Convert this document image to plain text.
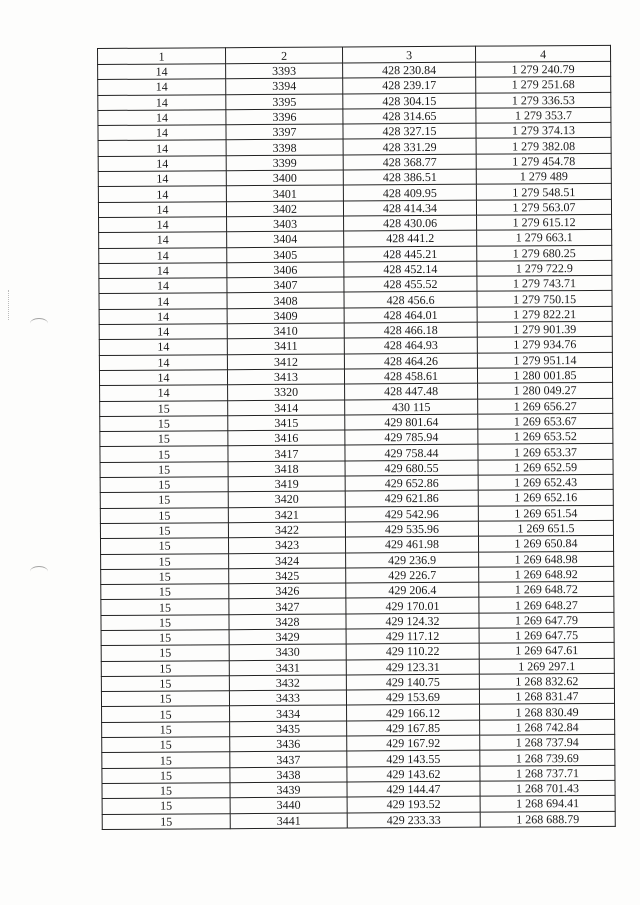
1	2	3	4
14	3393	428 230.84	1 279 240.79
14	3394	428 239.17	1 279 251.68
14	3395	428 304.15	1 279 336.53
14	3396	428 314.65	1 279 353.7
14	3397	428 327.15	1 279 374.13
14	3398	428 331.29	1 279 382.08
14	3399	428 368.77	1 279 454.78
14	3400	428 386.51	1 279 489
14	3401	428 409.95	1 279 548.51
14	3402	428 414.34	1 279 563.07
14	3403	428 430.06	1 279 615.12
14	3404	428 441.2	1 279 663.1
14	3405	428 445.21	1 279 680.25
14	3406	428 452.14	1 279 722.9
14	3407	428 455.52	1 279 743.71
14	3408	428 456.6	1 279 750.15
14	3409	428 464.01	1 279 822.21
14	3410	428 466.18	1 279 901.39
14	3411	428 464.93	1 279 934.76
14	3412	428 464.26	1 279 951.14
14	3413	428 458.61	1 280 001.85
14	3320	428 447.48	1 280 049.27
15	3414	430 115	1 269 656.27
15	3415	429 801.64	1 269 653.67
15	3416	429 785.94	1 269 653.52
15	3417	429 758.44	1 269 653.37
15	3418	429 680.55	1 269 652.59
15	3419	429 652.86	1 269 652.43
15	3420	429 621.86	1 269 652.16
15	3421	429 542.96	1 269 651.54
15	3422	429 535.96	1 269 651.5
15	3423	429 461.98	1 269 650.84
15	3424	429 236.9	1 269 648.98
15	3425	429 226.7	1 269 648.92
15	3426	429 206.4	1 269 648.72
15	3427	429 170.01	1 269 648.27
15	3428	429 124.32	1 269 647.79
15	3429	429 117.12	1 269 647.75
15	3430	429 110.22	1 269 647.61
15	3431	429 123.31	1 269 297.1
15	3432	429 140.75	1 268 832.62
15	3433	429 153.69	1 268 831.47
15	3434	429 166.12	1 268 830.49
15	3435	429 167.85	1 268 742.84
15	3436	429 167.92	1 268 737.94
15	3437	429 143.55	1 268 739.69
15	3438	429 143.62	1 268 737.71
15	3439	429 144.47	1 268 701.43
15	3440	429 193.52	1 268 694.41
15	3441	429 233.33	1 268 688.79
